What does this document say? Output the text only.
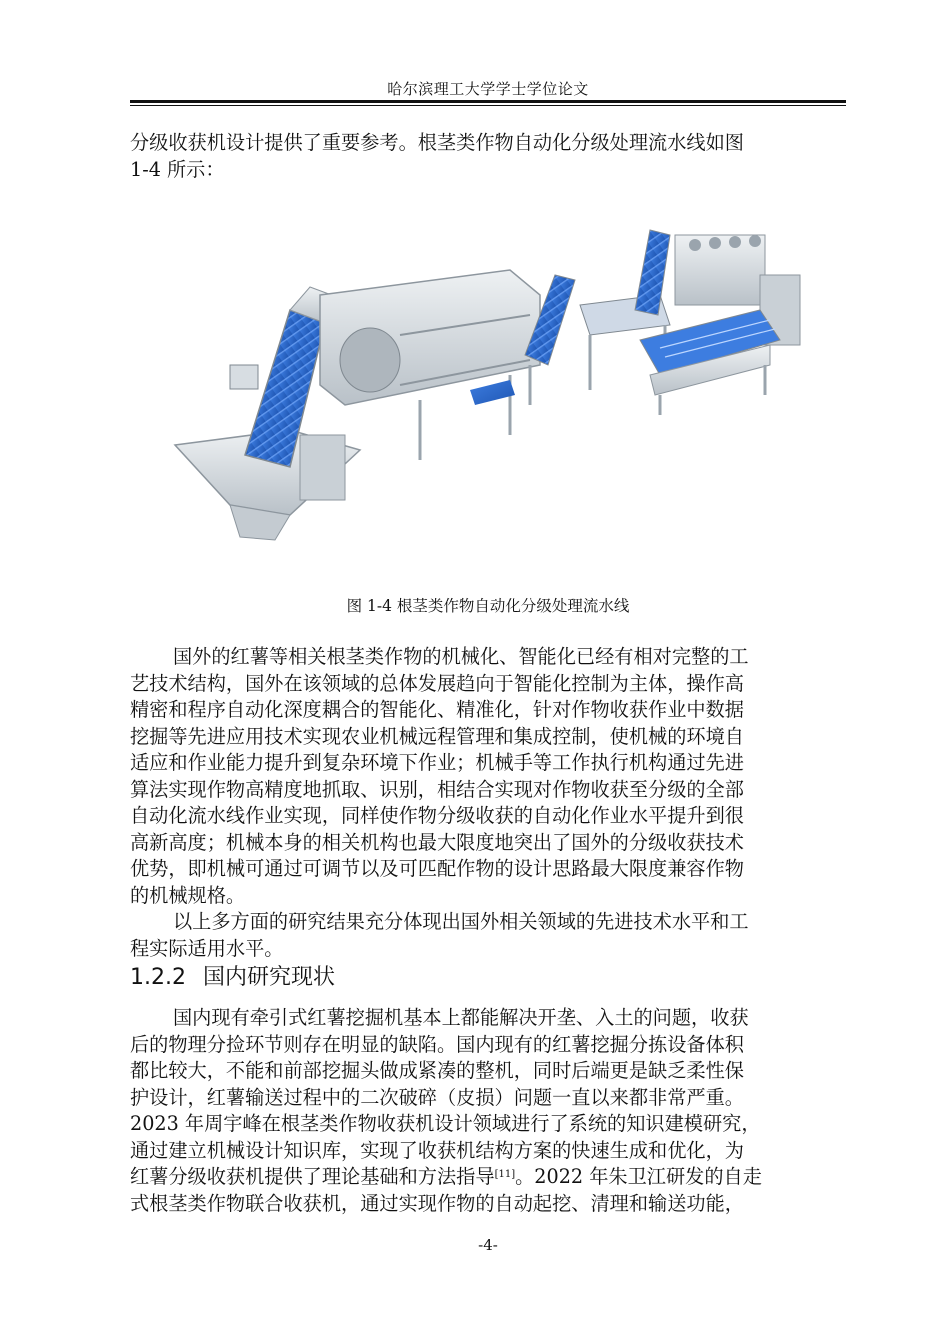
哈尔滨理工大学学士学位论文

分级收获机设计提供了重要参考。根茎类作物自动化分级处理流水线如图
1-4 所示：

图 1-4 根茎类作物自动化分级处理流水线

国外的红薯等相关根茎类作物的机械化、智能化已经有相对完整的工
艺技术结构，国外在该领域的总体发展趋向于智能化控制为主体，操作高
精密和程序自动化深度耦合的智能化、精准化，针对作物收获作业中数据
挖掘等先进应用技术实现农业机械远程管理和集成控制，使机械的环境自
适应和作业能力提升到复杂环境下作业；机械手等工作执行机构通过先进
算法实现作物高精度地抓取、识别，相结合实现对作物收获至分级的全部
自动化流水线作业实现，同样使作物分级收获的自动化作业水平提升到很
高新高度；机械本身的相关机构也最大限度地突出了国外的分级收获技术
优势，即机械可通过可调节以及可匹配作物的设计思路最大限度兼容作物
的机械规格。

以上多方面的研究结果充分体现出国外相关领域的先进技术水平和工
程实际适用水平。

1.2.2 国内研究现状

国内现有牵引式红薯挖掘机基本上都能解决开垄、入土的问题，收获
后的物理分捡环节则存在明显的缺陷。国内现有的红薯挖掘分拣设备体积
都比较大，不能和前部挖掘头做成紧凑的整机，同时后端更是缺乏柔性保
护设计，红薯输送过程中的二次破碎（皮损）问题一直以来都非常严重。
2023 年周宇峰在根茎类作物收获机设计领域进行了系统的知识建模研究，
通过建立机械设计知识库，实现了收获机结构方案的快速生成和优化，为
红薯分级收获机提供了理论基础和方法指导[11]。2022 年朱卫江研发的自走
式根茎类作物联合收获机，通过实现作物的自动起挖、清理和输送功能，

-4-
